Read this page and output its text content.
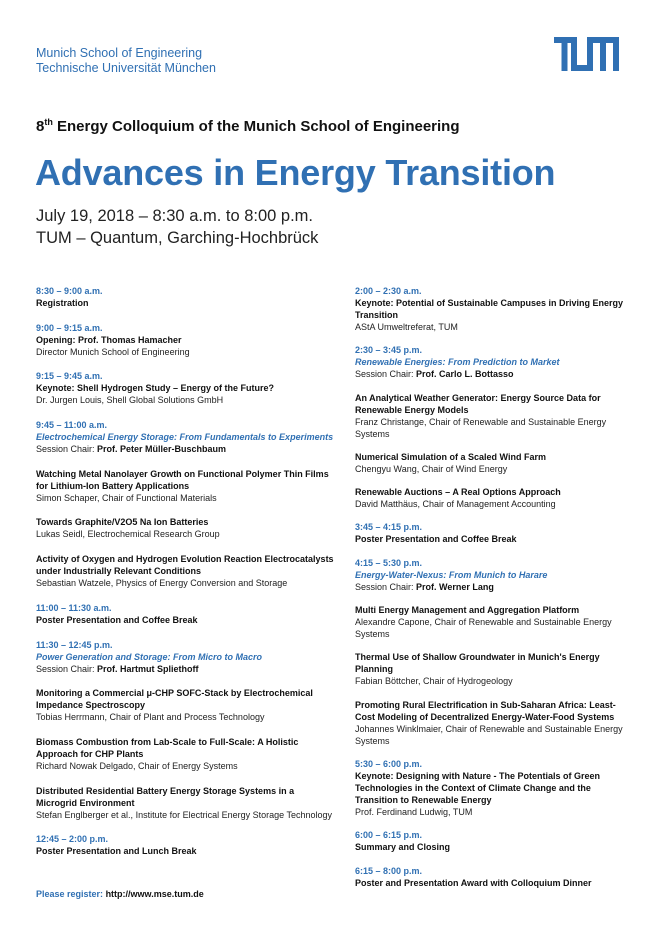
Munich School of Engineering
Technische Universität München
8th Energy Colloquium of the Munich School of Engineering
Advances in Energy Transition
July 19, 2018 – 8:30 a.m. to 8:00 p.m.
TUM – Quantum, Garching-Hochbrück
8:30 – 9:00 a.m.
Registration
9:00 – 9:15 a.m.
Opening: Prof. Thomas Hamacher
Director Munich School of Engineering
9:15 – 9:45 a.m.
Keynote: Shell Hydrogen Study – Energy of the Future?
Dr. Jurgen Louis, Shell Global Solutions GmbH
9:45 – 11:00 a.m.
Electrochemical Energy Storage: From Fundamentals to Experiments
Session Chair: Prof. Peter Müller-Buschbaum
Watching Metal Nanolayer Growth on Functional Polymer Thin Films for Lithium-Ion Battery Applications
Simon Schaper, Chair of Functional Materials
Towards Graphite/V2O5 Na Ion Batteries
Lukas Seidl, Electrochemical Research Group
Activity of Oxygen and Hydrogen Evolution Reaction Electrocatalysts under Industrially Relevant Conditions
Sebastian Watzele, Physics of Energy Conversion and Storage
11:00 – 11:30 a.m.
Poster Presentation and Coffee Break
11:30 – 12:45 p.m.
Power Generation and Storage: From Micro to Macro
Session Chair: Prof. Hartmut Spliethoff
Monitoring a Commercial μ-CHP SOFC-Stack by Electrochemical Impedance Spectroscopy
Tobias Herrmann, Chair of Plant and Process Technology
Biomass Combustion from Lab-Scale to Full-Scale: A Holistic Approach for CHP Plants
Richard Nowak Delgado, Chair of Energy Systems
Distributed Residential Battery Energy Storage Systems in a Microgrid Environment
Stefan Englberger et al., Institute for Electrical Energy Storage Technology
12:45 – 2:00 p.m.
Poster Presentation and Lunch Break
2:00 – 2:30 a.m.
Keynote: Potential of Sustainable Campuses in Driving Energy Transition
AStA Umweltreferat, TUM
2:30 – 3:45 p.m.
Renewable Energies: From Prediction to Market
Session Chair: Prof. Carlo L. Bottasso
An Analytical Weather Generator: Energy Source Data for Renewable Energy Models
Franz Christange, Chair of Renewable and Sustainable Energy Systems
Numerical Simulation of a Scaled Wind Farm
Chengyu Wang, Chair of Wind Energy
Renewable Auctions – A Real Options Approach
David Matthäus, Chair of Management Accounting
3:45 – 4:15 p.m.
Poster Presentation and Coffee Break
4:15 – 5:30 p.m.
Energy-Water-Nexus: From Munich to Harare
Session Chair: Prof. Werner Lang
Multi Energy Management and Aggregation Platform
Alexandre Capone, Chair of Renewable and Sustainable Energy Systems
Thermal Use of Shallow Groundwater in Munich's Energy Planning
Fabian Böttcher, Chair of Hydrogeology
Promoting Rural Electrification in Sub-Saharan Africa: Least-Cost Modeling of Decentralized Energy-Water-Food Systems
Johannes Winklmaier, Chair of Renewable and Sustainable Energy Systems
5:30 – 6:00 p.m.
Keynote: Designing with Nature - The Potentials of Green Technologies in the Context of Climate Change and the Transition to Renewable Energy
Prof. Ferdinand Ludwig, TUM
6:00 – 6:15 p.m.
Summary and Closing
6:15 – 8:00 p.m.
Poster and Presentation Award with Colloquium Dinner
Please register: http://www.mse.tum.de
